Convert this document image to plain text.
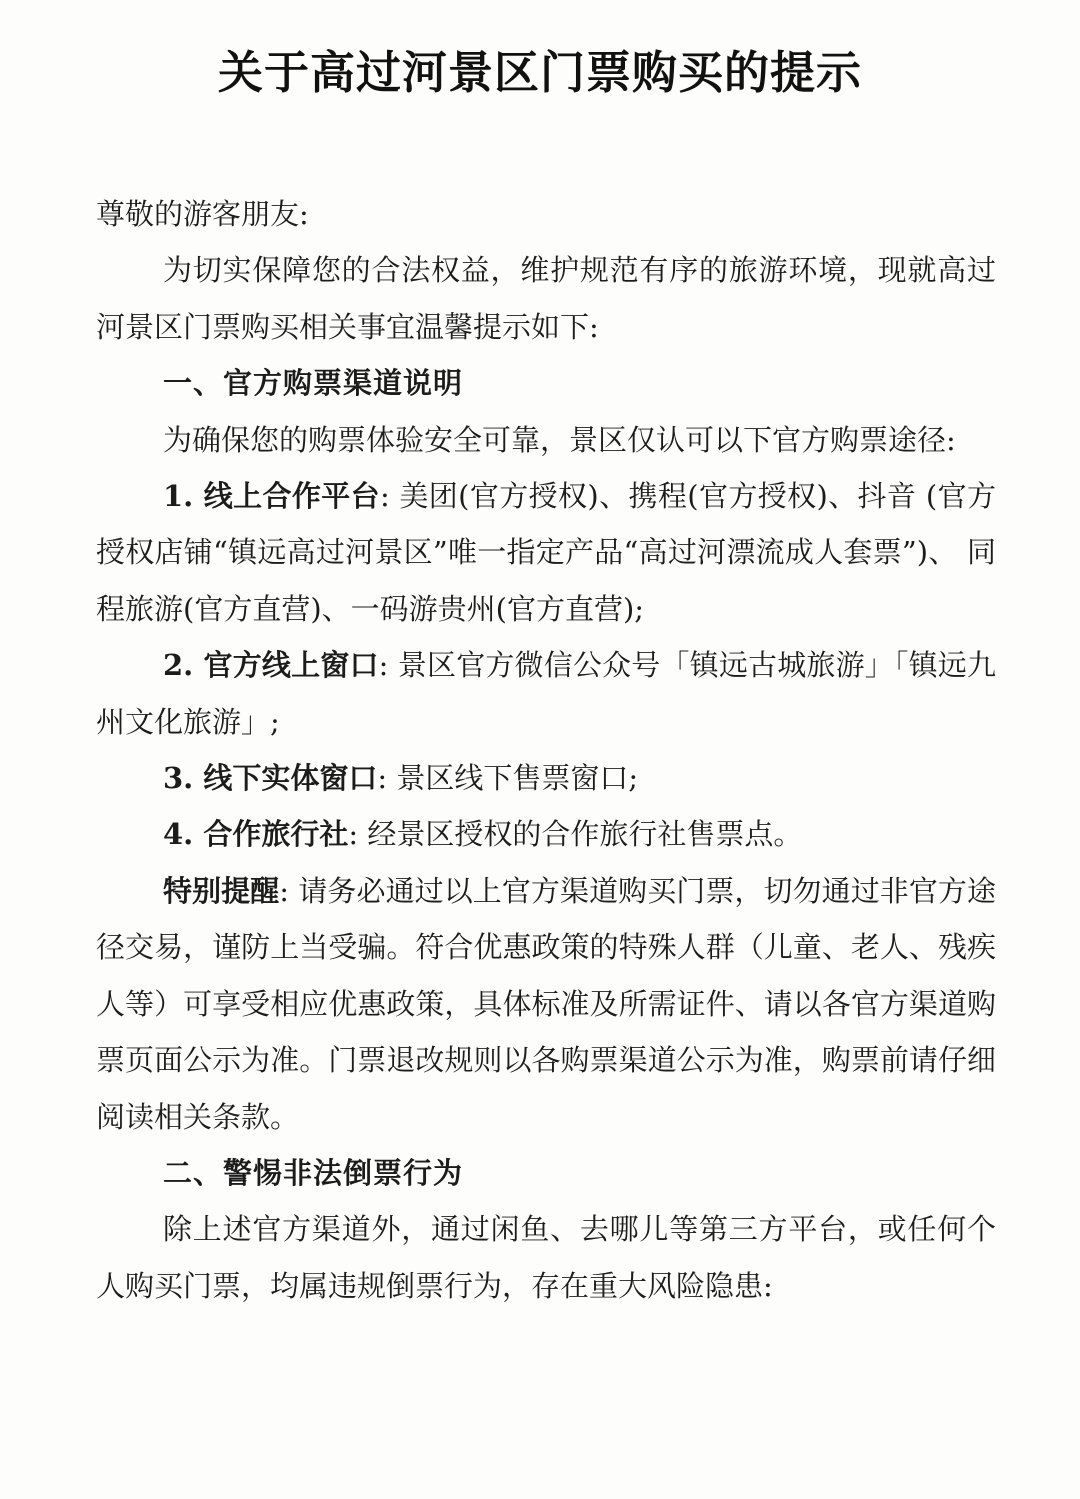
关于高过河景区门票购买的提示

尊敬的游客朋友:

为切实保障您的合法权益，维护规范有序的旅游环境，现就高过河景区门票购买相关事宜温馨提示如下:

一、官方购票渠道说明

为确保您的购票体验安全可靠，景区仅认可以下官方购票途径:

1. 线上合作平台: 美团(官方授权)、携程(官方授权)、抖音 (官方授权店铺“镇远高过河景区”唯一指定产品“高过河漂流成人套票”)、 同程旅游(官方直营)、一码游贵州(官方直营);

2. 官方线上窗口: 景区官方微信公众号「镇远古城旅游」「镇远九州文化旅游」;

3. 线下实体窗口: 景区线下售票窗口;

4. 合作旅行社: 经景区授权的合作旅行社售票点。

特别提醒: 请务必通过以上官方渠道购买门票，切勿通过非官方途径交易，谨防上当受骗。符合优惠政策的特殊人群（儿童、老人、残疾人等）可享受相应优惠政策，具体标准及所需证件、请以各官方渠道购票页面公示为准。门票退改规则以各购票渠道公示为准，购票前请仔细阅读相关条款。

二、警惕非法倒票行为

除上述官方渠道外，通过闲鱼、去哪儿等第三方平台，或任何个人购买门票，均属违规倒票行为，存在重大风险隐患:
